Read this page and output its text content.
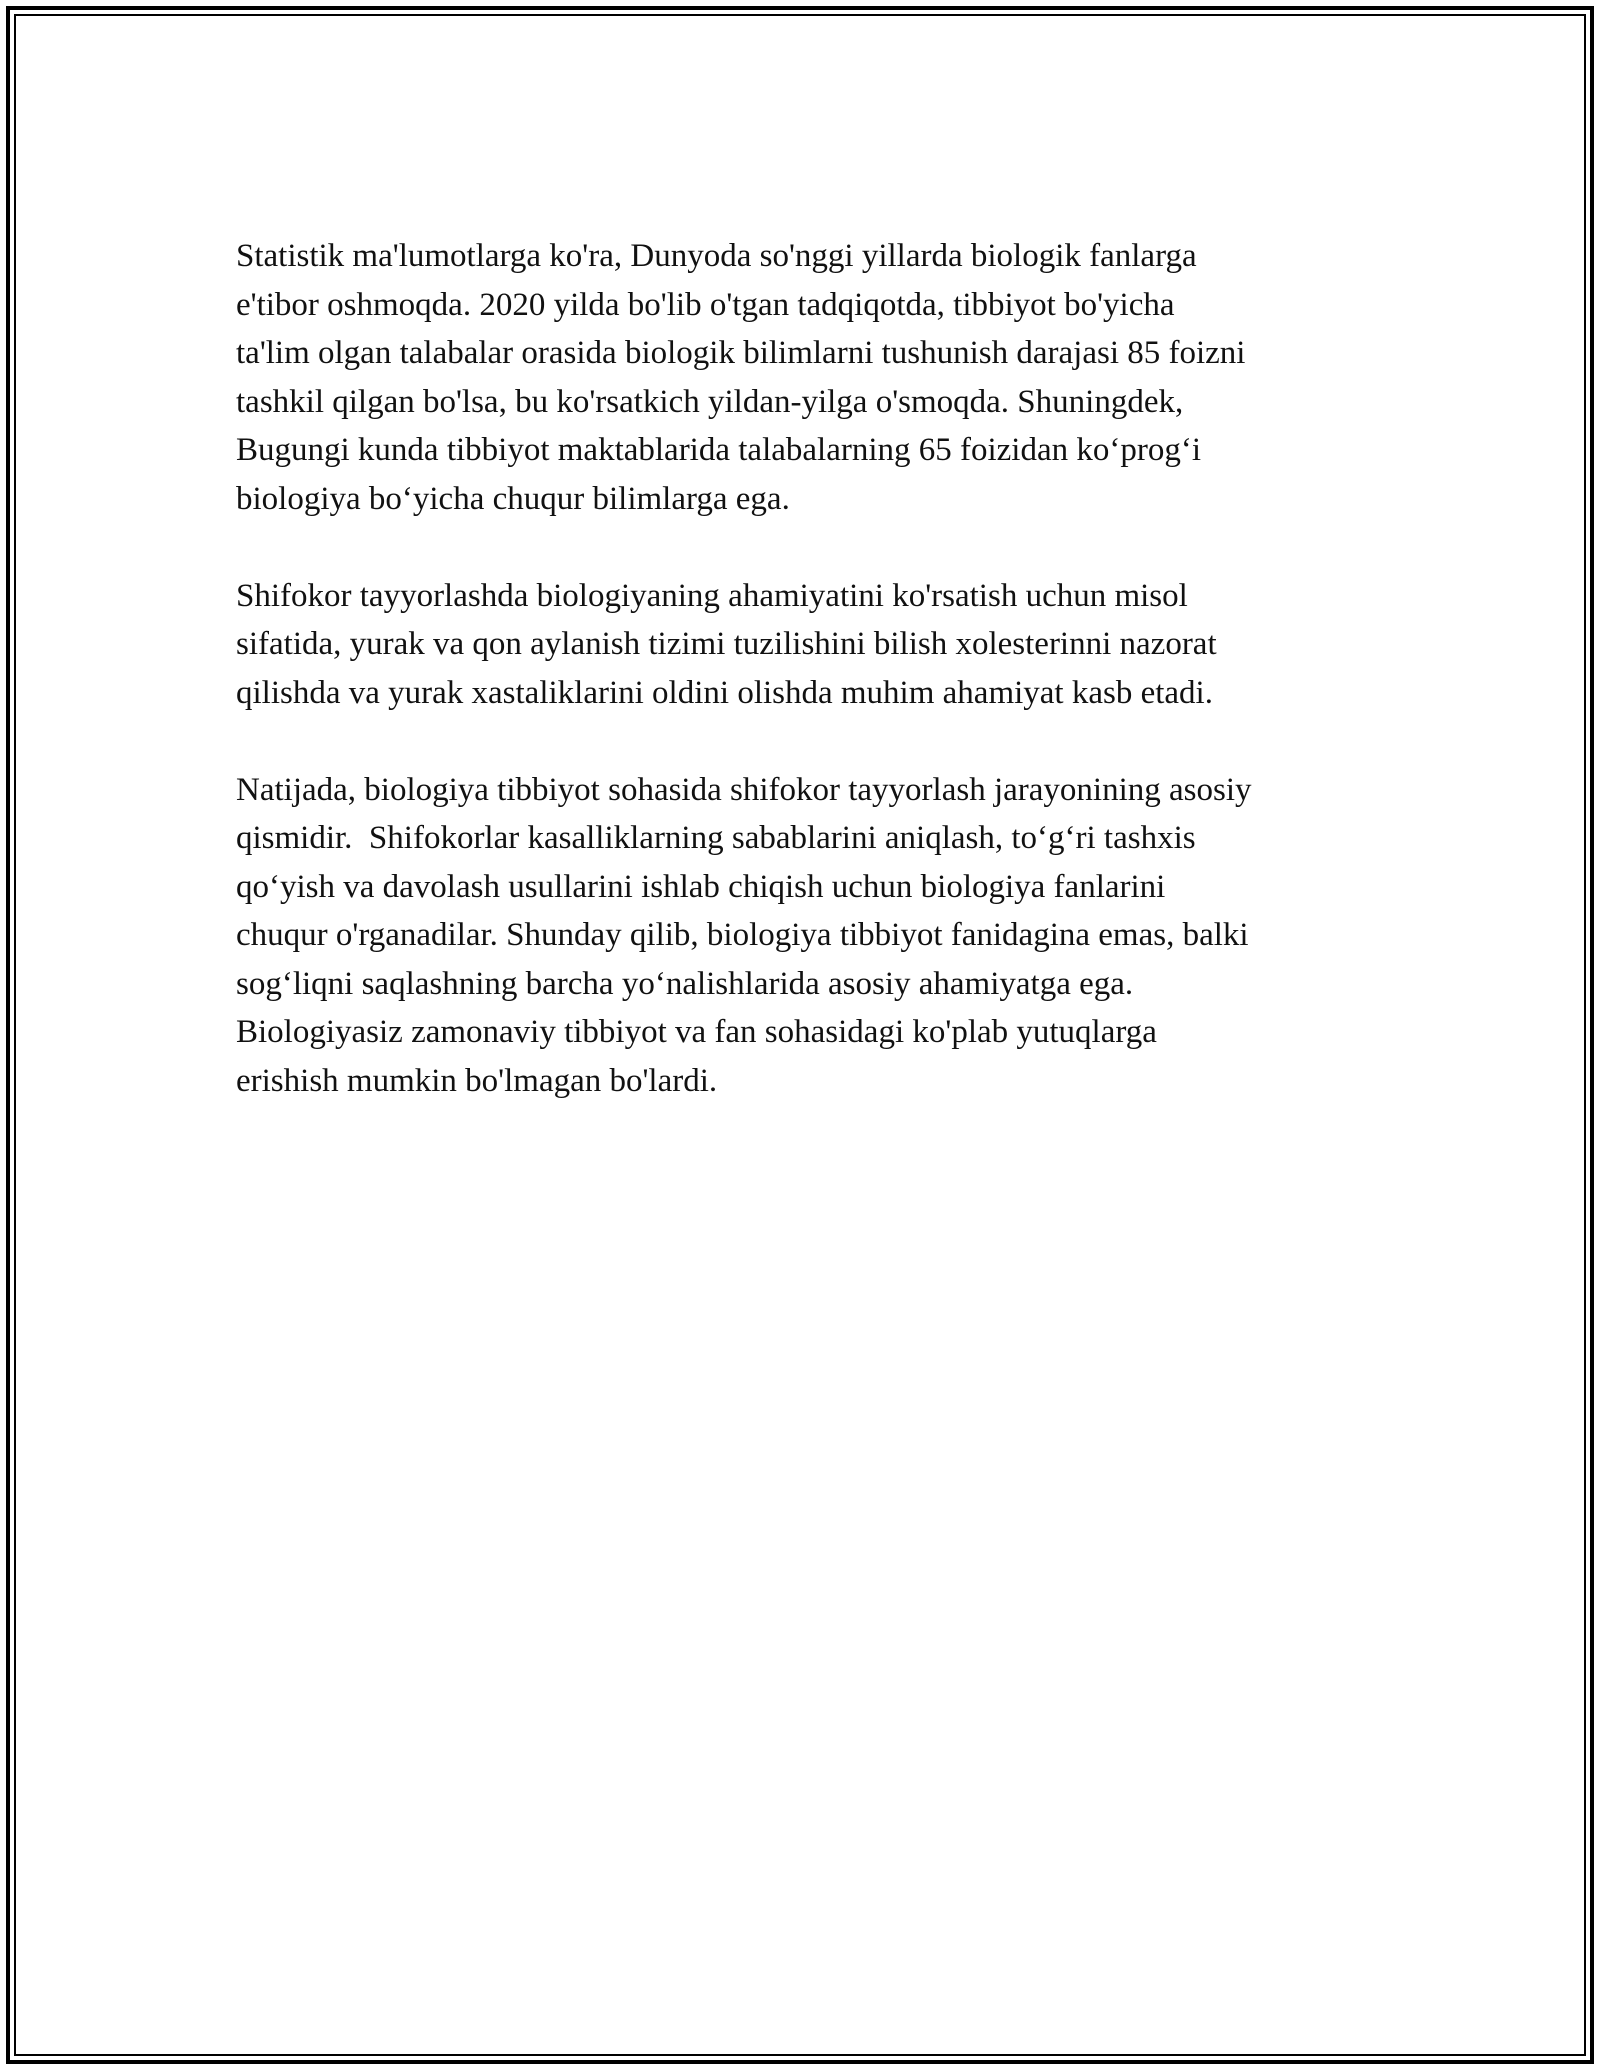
Statistik ma'lumotlarga ko'ra, Dunyoda so'nggi yillarda biologik fanlarga
e'tibor oshmoqda. 2020 yilda bo'lib o'tgan tadqiqotda, tibbiyot bo'yicha
ta'lim olgan talabalar orasida biologik bilimlarni tushunish darajasi 85 foizni
tashkil qilgan bo'lsa, bu ko'rsatkich yildan-yilga o'smoqda. Shuningdek,
Bugungi kunda tibbiyot maktablarida talabalarning 65 foizidan ko‘prog‘i
biologiya bo‘yicha chuqur bilimlarga ega.

Shifokor tayyorlashda biologiyaning ahamiyatini ko'rsatish uchun misol
sifatida, yurak va qon aylanish tizimi tuzilishini bilish xolesterinni nazorat
qilishda va yurak xastaliklarini oldini olishda muhim ahamiyat kasb etadi.

Natijada, biologiya tibbiyot sohasida shifokor tayyorlash jarayonining asosiy
qismidir.  Shifokorlar kasalliklarning sabablarini aniqlash, to‘g‘ri tashxis
qo‘yish va davolash usullarini ishlab chiqish uchun biologiya fanlarini
chuqur o'rganadilar. Shunday qilib, biologiya tibbiyot fanidagina emas, balki
sog‘liqni saqlashning barcha yo‘nalishlarida asosiy ahamiyatga ega.
Biologiyasiz zamonaviy tibbiyot va fan sohasidagi ko'plab yutuqlarga
erishish mumkin bo'lmagan bo'lardi.
